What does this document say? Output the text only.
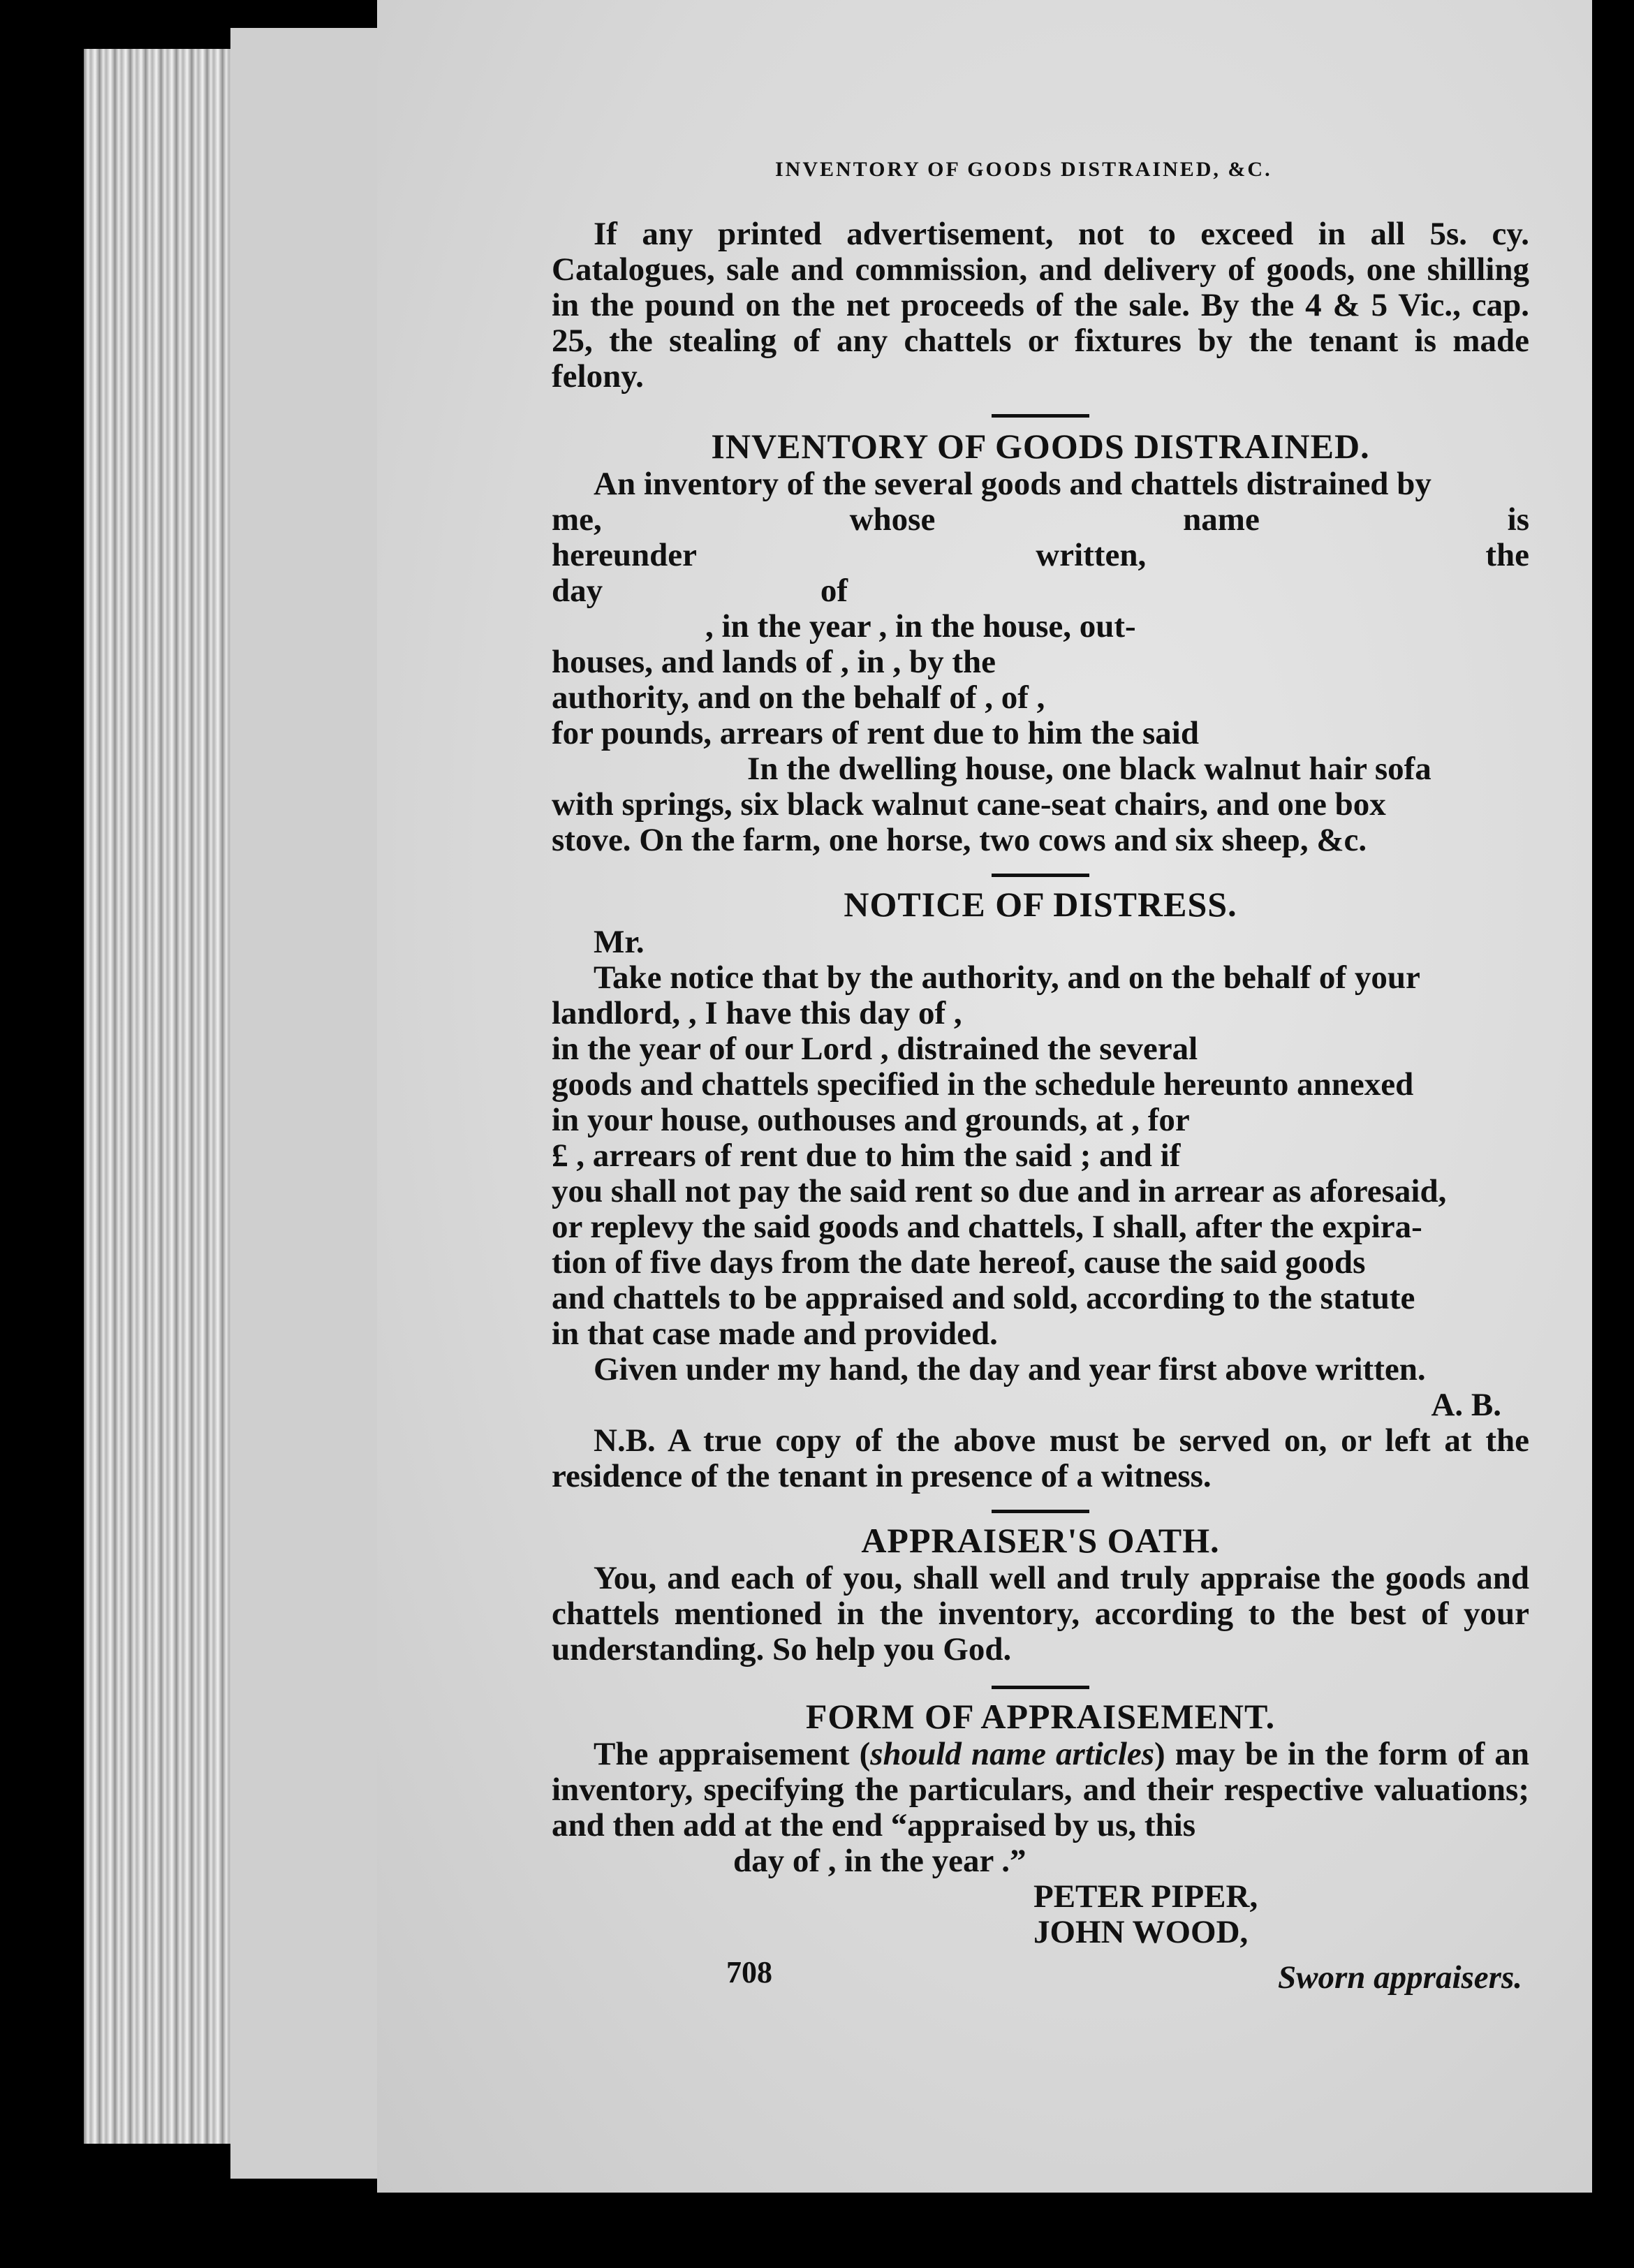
INVENTORY OF GOODS DISTRAINED, &C.

If any printed advertisement, not to exceed in all 5s. cy. Catalogues, sale and commission, and delivery of goods, one shilling in the pound on the net proceeds of the sale. By the 4 & 5 Vic., cap. 25, the stealing of any chattels or fixtures by the tenant is made felony.

INVENTORY OF GOODS DISTRAINED.

An inventory of the several goods and chattels distrained by

me, whose name is hereunder written, the day of

, in the year , in the house, out-

houses, and lands of , in , by the

authority, and on the behalf of , of ,

for pounds, arrears of rent due to him the said

In the dwelling house, one black walnut hair sofa

with springs, six black walnut cane-seat chairs, and one box

stove. On the farm, one horse, two cows and six sheep, &c.

NOTICE OF DISTRESS.

Mr.

Take notice that by the authority, and on the behalf of your

landlord, , I have this day of ,

in the year of our Lord , distrained the several

goods and chattels specified in the schedule hereunto annexed

in your house, outhouses and grounds, at , for

£ , arrears of rent due to him the said ; and if

you shall not pay the said rent so due and in arrear as aforesaid,

or replevy the said goods and chattels, I shall, after the expira-

tion of five days from the date hereof, cause the said goods

and chattels to be appraised and sold, according to the statute

in that case made and provided.

Given under my hand, the day and year first above written.

A. B.

N.B. A true copy of the above must be served on, or left at the residence of the tenant in presence of a witness.

APPRAISER'S OATH.

You, and each of you, shall well and truly appraise the goods and chattels mentioned in the inventory, according to the best of your understanding. So help you God.

FORM OF APPRAISEMENT.

The appraisement (should name articles) may be in the form of an inventory, specifying the particulars, and their respective valuations; and then add at the end “appraised by us, this

day of , in the year .”

PETER PIPER,
JOHN WOOD,
708	Sworn appraisers.
